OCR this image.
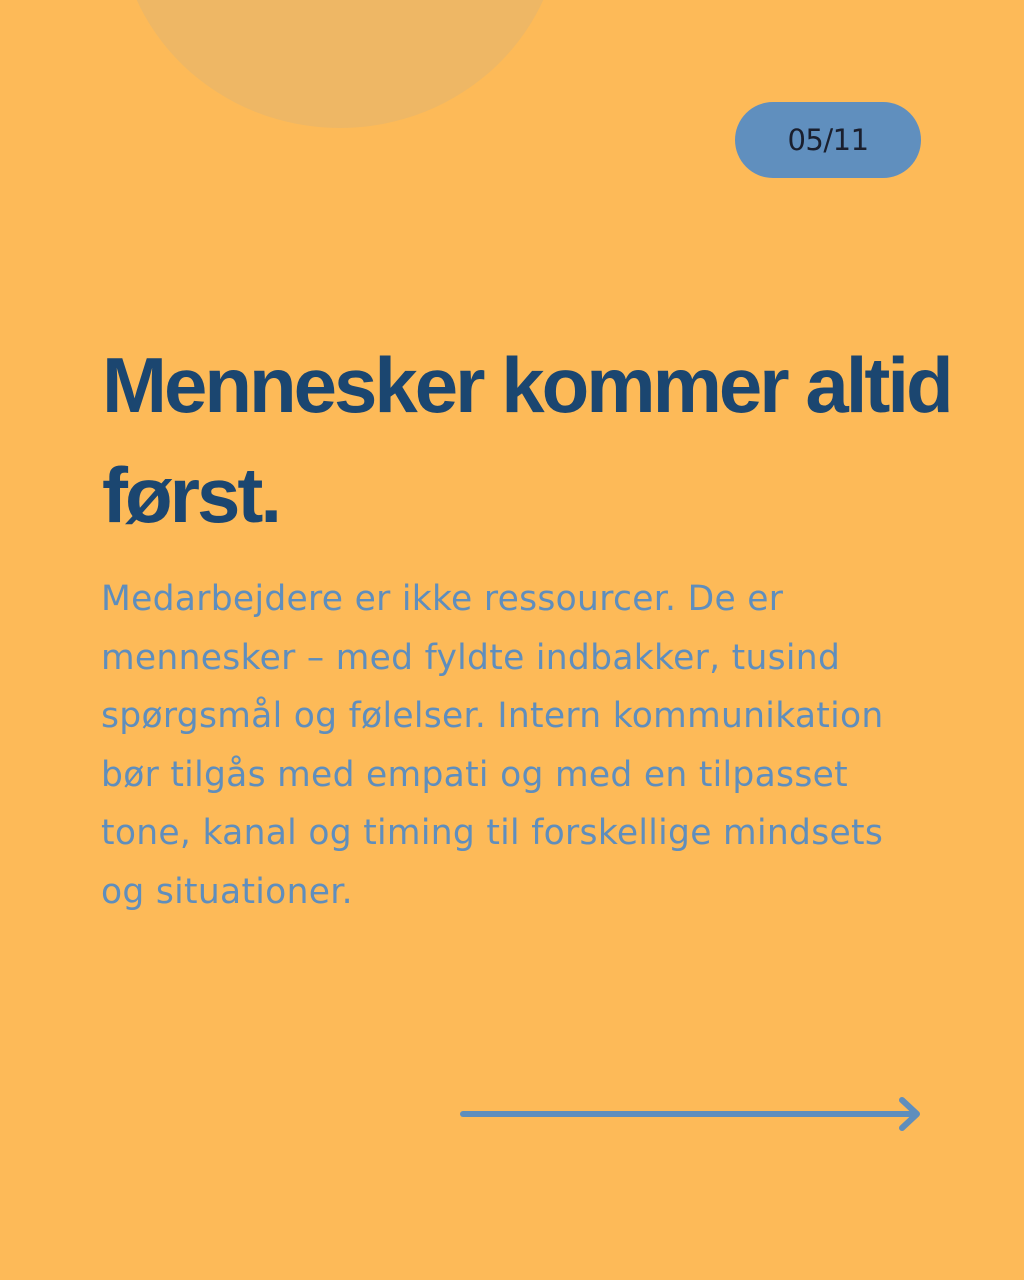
05/11
Mennesker kommer altid først.

Medarbejdere er ikke ressourcer. De er mennesker – med fyldte indbakker, tusind spørgsmål og følelser. Intern kommunikation bør tilgås med empati og med en tilpasset tone, kanal og timing til forskellige mindsets og situationer.
